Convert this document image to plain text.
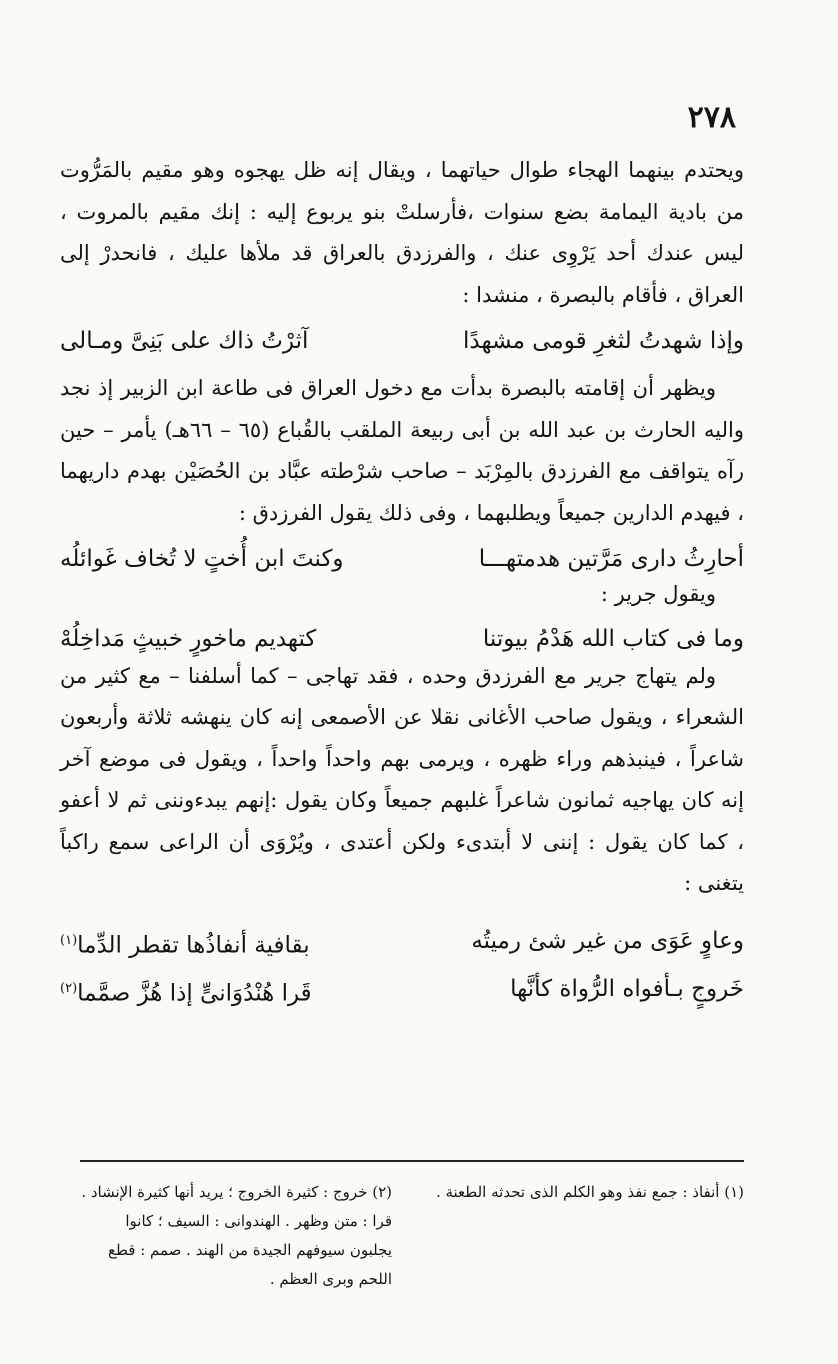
٢٧٨

ويحتدم بينهما الهجاء طوال حياتهما ، ويقال إنه ظل يهجوه وهو مقيم بالمَرُّوت من بادية اليمامة بضع سنوات ،فأرسلتْ بنو يربوع إليه : إنك مقيم بالمروت ، ليس عندك أحد يَرْوِى عنك ، والفرزدق بالعراق قد ملأها عليك ، فانحدرْ إلى العراق ، فأقام بالبصرة ، منشدا :

وإذا شهدتُ لثغرِ قومى مشهدًا
آثرْتُ ذاك على بَنِىَّ ومـالى

ويظهر أن إقامته بالبصرة بدأت مع دخول العراق فى طاعة ابن الزبير إذ نجد واليه الحارث بن عبد الله بن أبى ربيعة الملقب بالقُباع (٦٥ – ٦٦هـ) يأمر – حين رآه يتواقف مع الفرزدق بالمِرْبَد – صاحب شرْطته عبَّاد بن الحُصَيْن بهدم داريهما ، فيهدم الدارين جميعاً ويطلبهما ، وفى ذلك يقول الفرزدق :

أحارِثُ دارى مَرَّتين هدمتهـــا
وكنتَ ابن أُختٍ لا تُخاف غَوائلُه

ويقول جرير :

وما فى كتاب الله هَدْمُ بيوتنا
كتهديم ماخورٍ خبيثٍ مَداخِلُهْ

ولم يتهاج جرير مع الفرزدق وحده ، فقد تهاجى – كما أسلفنا – مع كثير من الشعراء ، ويقول صاحب الأغانى نقلا عن الأصمعى إنه كان ينهشه ثلاثة وأربعون شاعراً ، فينبذهم وراء ظهره ، ويرمى بهم واحداً واحداً ، ويقول فى موضع آخر إنه كان يهاجيه ثمانون شاعراً غلبهم جميعاً وكان يقول :إنهم يبدءوننى ثم لا أعفو ، كما كان يقول : إننى لا أبتدىء ولكن أعتدى ، ويُرْوَى أن الراعى سمع راكباً يتغنى :

وعاوٍ عَوَى من غير شئ رميتُه
بقافية أنفاذُها تقطر الدِّما$^{(١)}$
خَروجٍ بـأفواه الرُّواة كأنَّها
قَرا هُنْدُوَانىٍّ إذا هُزَّ صمَّما$^{(٢)}$

(١) أنفاذ : جمع نفذ وهو الكلم الذى تحدثه الطعنة .

(٢) خروج : كثيرة الخروج ؛ يريد أنها كثيرة الإنشاد . قرا : متن وظهر . الهندوانى : السيف ؛ كانوا يجلبون سيوفهم الجيدة من الهند . صمم : قطع اللحم وبرى العظم .
